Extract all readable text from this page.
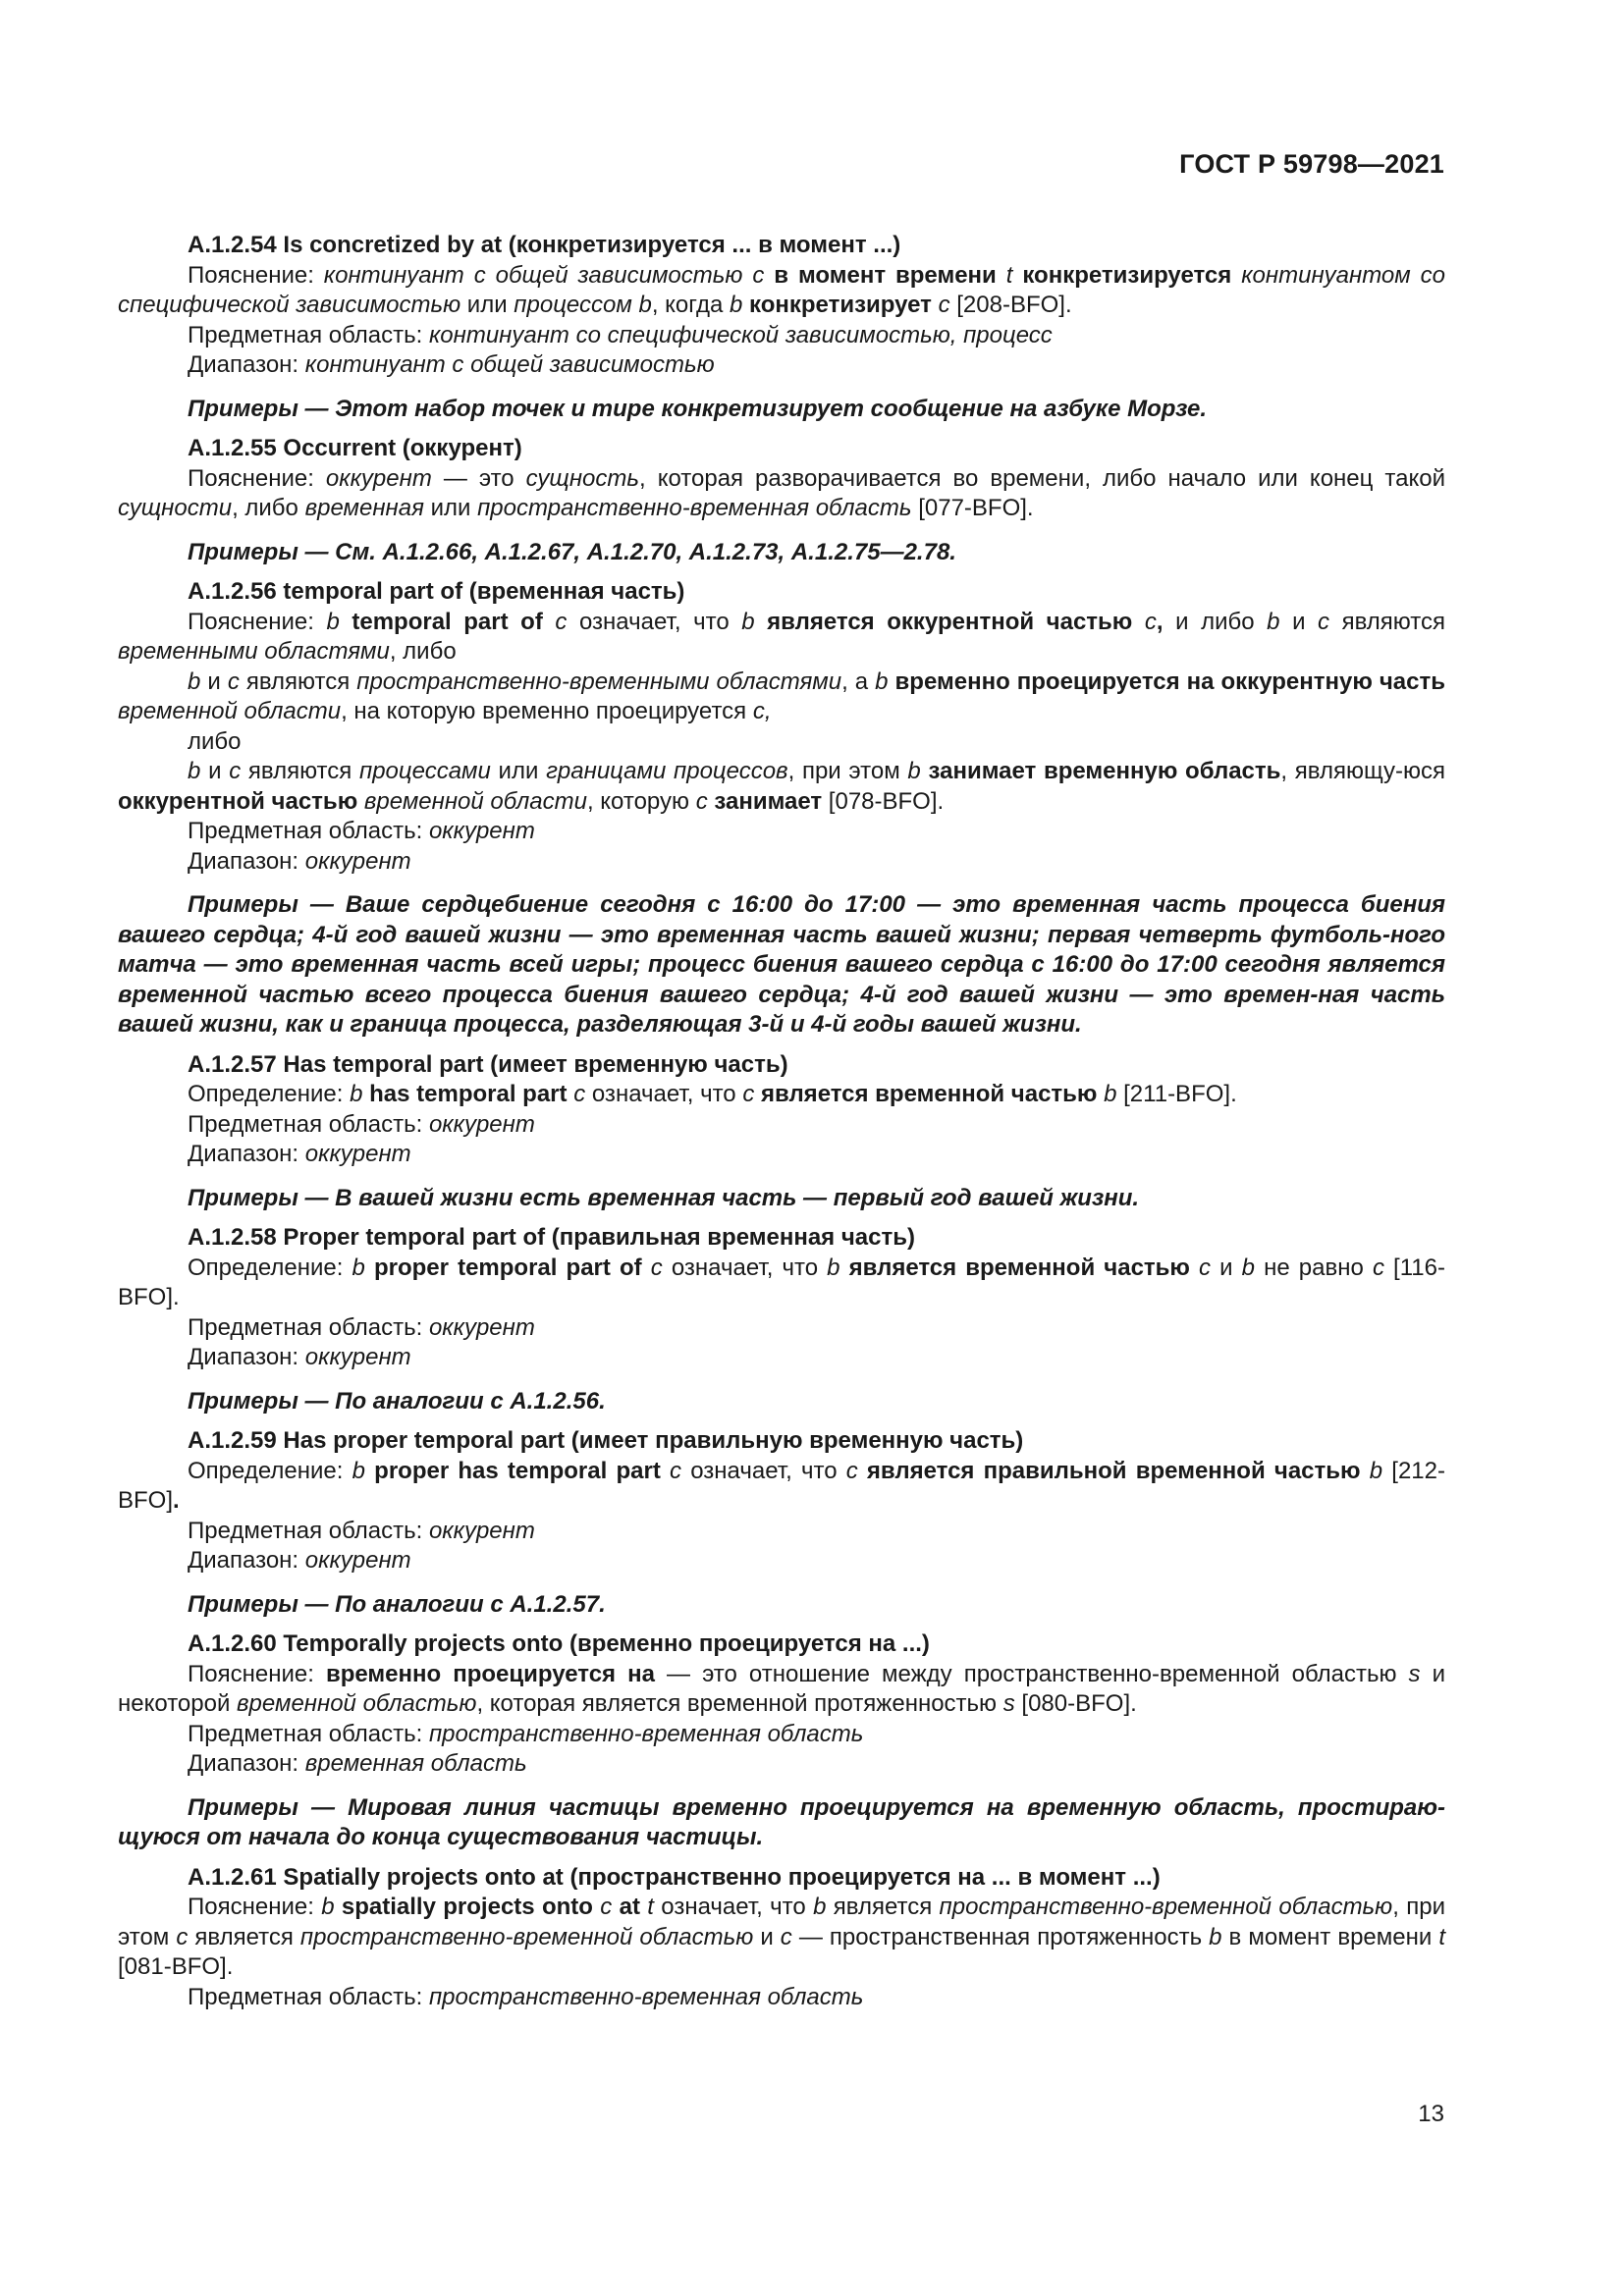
ГОСТ Р 59798—2021

А.1.2.54 Is concretized by at (конкретизируется ... в момент ...)

Пояснение: континуант с общей зависимостью с в момент времени t конкретизируется континуантом со специфической зависимостью или процессом b, когда b конкретизирует с [208-BFO].

Предметная область: континуант со специфической зависимостью, процесс

Диапазон: континуант с общей зависимостью

Примеры — Этот набор точек и тире конкретизирует сообщение на азбуке Морзе.

А.1.2.55 Occurrent (оккурент)

Пояснение: оккурент — это сущность, которая разворачивается во времени, либо начало или конец такой сущности, либо временная или пространственно-временная область [077-BFO].

Примеры — См. А.1.2.66, А.1.2.67, А.1.2.70, А.1.2.73, А.1.2.75—2.78.

А.1.2.56 temporal part of (временная часть)

Пояснение: b temporal part of с означает, что b является оккурентной частью с, и либо b и с являются временными областями, либо

b и с являются пространственно-временными областями, а b временно проецируется на оккурентную часть временной области, на которую временно проецируется с,

либо

b и с являются процессами или границами процессов, при этом b занимает временную область, являющу-юся оккурентной частью временной области, которую с занимает [078-BFO].

Предметная область: оккурент

Диапазон: оккурент

Примеры — Ваше сердцебиение сегодня с 16:00 до 17:00 — это временная часть процесса биения вашего сердца; 4-й год вашей жизни — это временная часть вашей жизни; первая четверть футболь-ного матча — это временная часть всей игры; процесс биения вашего сердца с 16:00 до 17:00 сегодня является временной частью всего процесса биения вашего сердца; 4-й год вашей жизни — это времен-ная часть вашей жизни, как и граница процесса, разделяющая 3-й и 4-й годы вашей жизни.

А.1.2.57 Has temporal part (имеет временную часть)

Определение: b has temporal part с означает, что с является временной частью b [211-BFO].

Предметная область: оккурент

Диапазон: оккурент

Примеры — В вашей жизни есть временная часть — первый год вашей жизни.

А.1.2.58 Proper temporal part of (правильная временная часть)

Определение: b proper temporal part of с означает, что b является временной частью с и b не равно с [116-BFO].

Предметная область: оккурент

Диапазон: оккурент

Примеры — По аналогии с А.1.2.56.

А.1.2.59 Has proper temporal part (имеет правильную временную часть)

Определение: b proper has temporal part с означает, что с является правильной временной частью b [212-BFO].

Предметная область: оккурент

Диапазон: оккурент

Примеры — По аналогии с А.1.2.57.

А.1.2.60 Temporally projects onto (временно проецируется на ...)

Пояснение: временно проецируется на — это отношение между пространственно-временной областью s и некоторой временной областью, которая является временной протяженностью s [080-BFO].

Предметная область: пространственно-временная область

Диапазон: временная область

Примеры — Мировая линия частицы временно проецируется на временную область, простираю-щуюся от начала до конца существования частицы.

А.1.2.61 Spatially projects onto at (пространственно проецируется на ... в момент ...)

Пояснение: b spatially projects onto с at t означает, что b является пространственно-временной областью, при этом с является пространственно-временной областью и с — пространственная протяженность b в момент времени t [081-BFO].

Предметная область: пространственно-временная область

13
